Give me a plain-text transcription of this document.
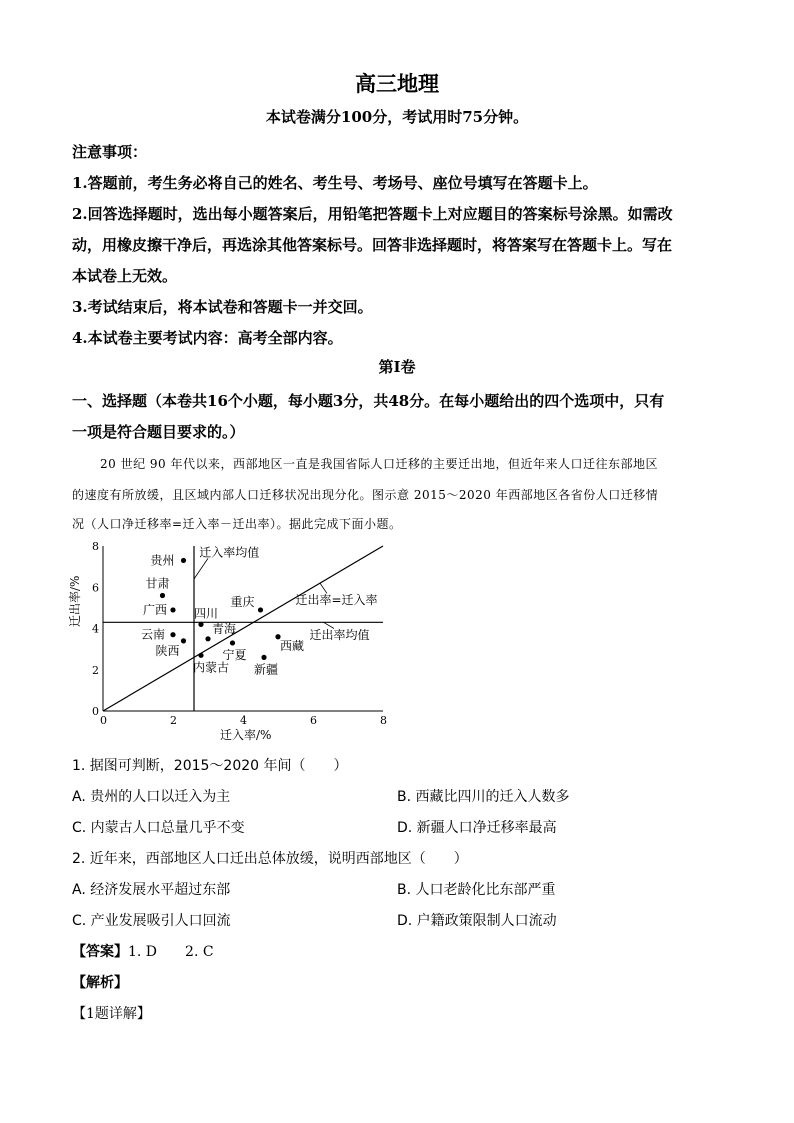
高三地理
本试卷满分100分，考试用时75分钟。
注意事项：
1.答题前，考生务必将自己的姓名、考生号、考场号、座位号填写在答题卡上。
2.回答选择题时，选出每小题答案后，用铅笔把答题卡上对应题目的答案标号涂黑。如需改
动，用橡皮擦干净后，再选涂其他答案标号。回答非选择题时，将答案写在答题卡上。写在
本试卷上无效。
3.考试结束后，将本试卷和答题卡一并交回。
4.本试卷主要考试内容：高考全部内容。
第Ⅰ卷
一、选择题（本卷共16个小题，每小题3分，共48分。在每小题给出的四个选项中，只有
一项是符合题目要求的。）
20 世纪 90 年代以来，西部地区一直是我国省际人口迁移的主要迁出地，但近年来人口迁往东部地区
的速度有所放缓，且区域内部人口迁移状况出现分化。图示意 2015～2020 年西部地区各省份人口迁移情
况（人口净迁移率=迁入率－迁出率）。据此完成下面小题。
0	2	4	6	8
0
2
4
6
8	迁入率均值
迁出率=迁入率
迁出率均值
贵州
甘肃
广西 四川
重庆
云南	青海
陕西	宁夏
西藏
内蒙古 新疆
迁出率/%
迁入率/%
1. 据图可判断，2015～2020 年间（　　）
A. 贵州的人口以迁入为主	B. 西藏比四川的迁入人数多
C. 内蒙古人口总量几乎不变	D. 新疆人口净迁移率最高
2. 近年来，西部地区人口迁出总体放缓，说明西部地区（　　）
A. 经济发展水平超过东部	B. 人口老龄化比东部严重
C. 产业发展吸引人口回流	D. 户籍政策限制人口流动
【答案】1. D　　2. C
【解析】
【1题详解】
